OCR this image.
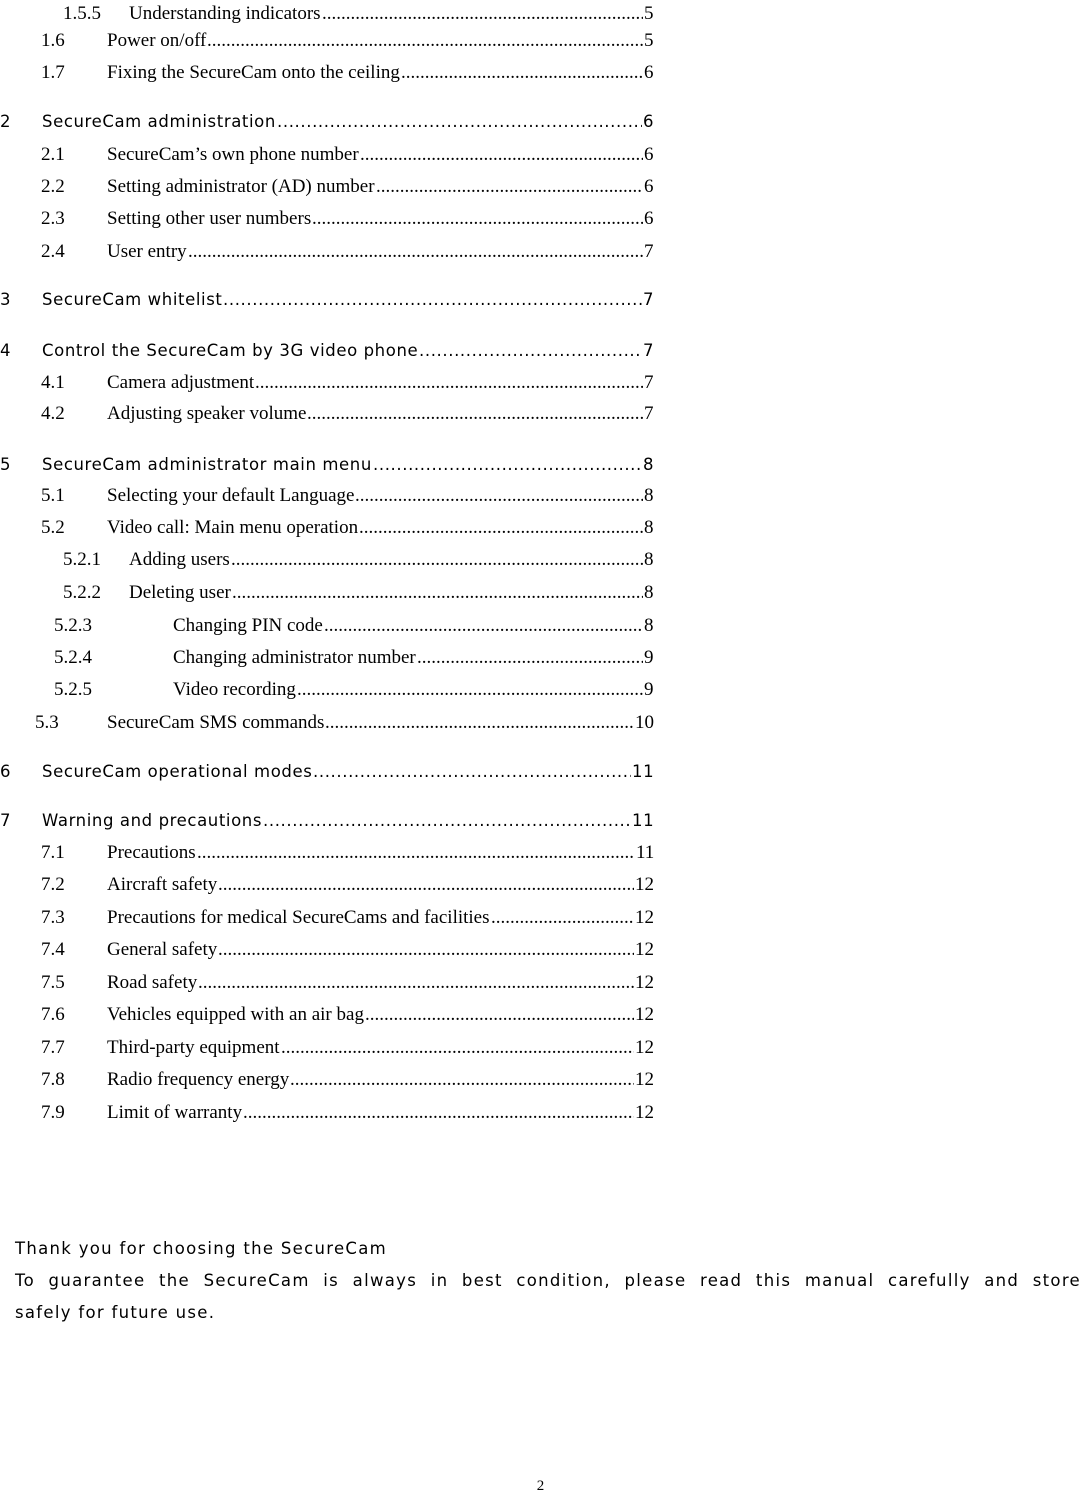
1.5.5 Understanding indicators .....	5
1.6 Power on/off .....	5
1.7 Fixing the SecureCam onto the ceiling .....	6
2 SecureCam administration .....	6
2.1 SecureCam’s own phone number .....	6
2.2 Setting administrator (AD) number .....	6
2.3 Setting other user numbers .....	6
2.4 User entry .....	7
3 SecureCam whitelist .....	7
4 Control the SecureCam by 3G video phone .....	7
4.1 Camera adjustment .....	7
4.2 Adjusting speaker volume .....	7
5 SecureCam administrator main menu .....	8
5.1 Selecting your default Language .....	8
5.2 Video call: Main menu operation .....	8
5.2.1 Adding users .....	8
5.2.2 Deleting user .....	8
5.2.3	Changing PIN code .....	8
5.2.4	Changing administrator number .....	9
5.2.5	Video recording .....	9
5.3	SecureCam SMS commands .....	10
6 SecureCam operational modes .....	11
7 Warning and precautions .....	11
7.1 Precautions .....	11
7.2 Aircraft safety .....	12
7.3 Precautions for medical SecureCams and facilities .....	12
7.4 General safety .....	12
7.5 Road safety .....	12
7.6 Vehicles equipped with an air bag .....	12
7.7 Third-party equipment .....	12
7.8 Radio frequency energy .....	12
7.9 Limit of warranty .....	12

Thank you for choosing the SecureCam

To guarantee the SecureCam is always in best condition, please read this manual carefully and store

safely for future use.

2
